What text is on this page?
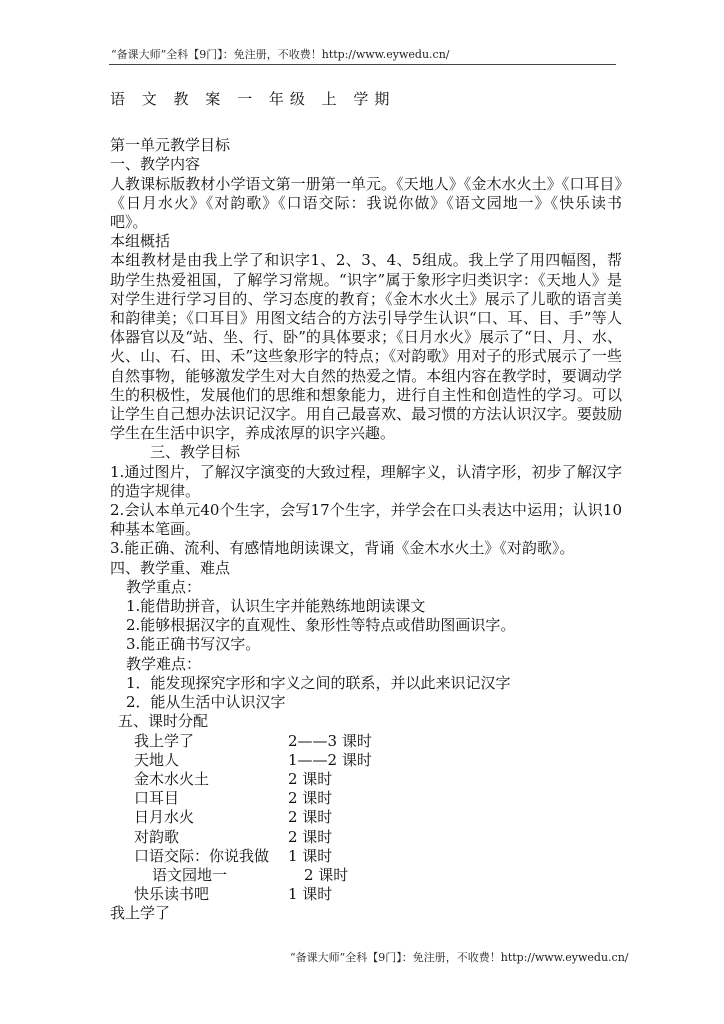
“备课大师”全科【9门】：免注册，不收费！http://www.eywedu.cn/

语 文 教 案 一 年级 上 学期

第一单元教学目标

一、教学内容

人教课标版教材小学语文第一册第一单元。《天地人》《金木水火土》《口耳目》《日月水火》《对韵歌》《口语交际：我说你做》《语文园地一》《快乐读书吧》。

本组概括

本组教材是由我上学了和识字1、2、3、4、5组成。我上学了用四幅图，帮助学生热爱祖国，了解学习常规。“识字”属于象形字归类识字：《天地人》是对学生进行学习目的、学习态度的教育；《金木水火土》展示了儿歌的语言美和韵律美；《口耳目》用图文结合的方法引导学生认识“口、耳、目、手”等人体器官以及“站、坐、行、卧”的具体要求；《日月水火》展示了“日、月、水、火、山、石、田、禾”这些象形字的特点；《对韵歌》用对子的形式展示了一些自然事物，能够激发学生对大自然的热爱之情。本组内容在教学时，要调动学生的积极性，发展他们的思维和想象能力，进行自主性和创造性的学习。可以让学生自己想办法识记汉字。用自己最喜欢、最习惯的方法认识汉字。要鼓励学生在生活中识字，养成浓厚的识字兴趣。

三、教学目标

1.通过图片，了解汉字演变的大致过程，理解字义，认清字形，初步了解汉字的造字规律。

2.会认本单元40个生字，会写17个生字，并学会在口头表达中运用；认识10种基本笔画。

3.能正确、流利、有感情地朗读课文，背诵《金木水火土》《对韵歌》。

四、教学重、难点

教学重点：

1.能借助拼音，认识生字并能熟练地朗读课文

2.能够根据汉字的直观性、象形性等特点或借助图画识字。

3.能正确书写汉字。

教学难点：

1．能发现探究字形和字义之间的联系，并以此来识记汉字

2．能从生活中认识汉字

五、课时分配

我上学了	2——3 课时
天地人	1——2 课时
金木水火土	2 课时
口耳目	2 课时
日月水火	2 课时
对韵歌	2 课时
口语交际：你说我做	1 课时
语文园地一	2 课时
快乐读书吧	1 课时

我上学了

“备课大师”全科【9门】：免注册，不收费！http://www.eywedu.cn/
